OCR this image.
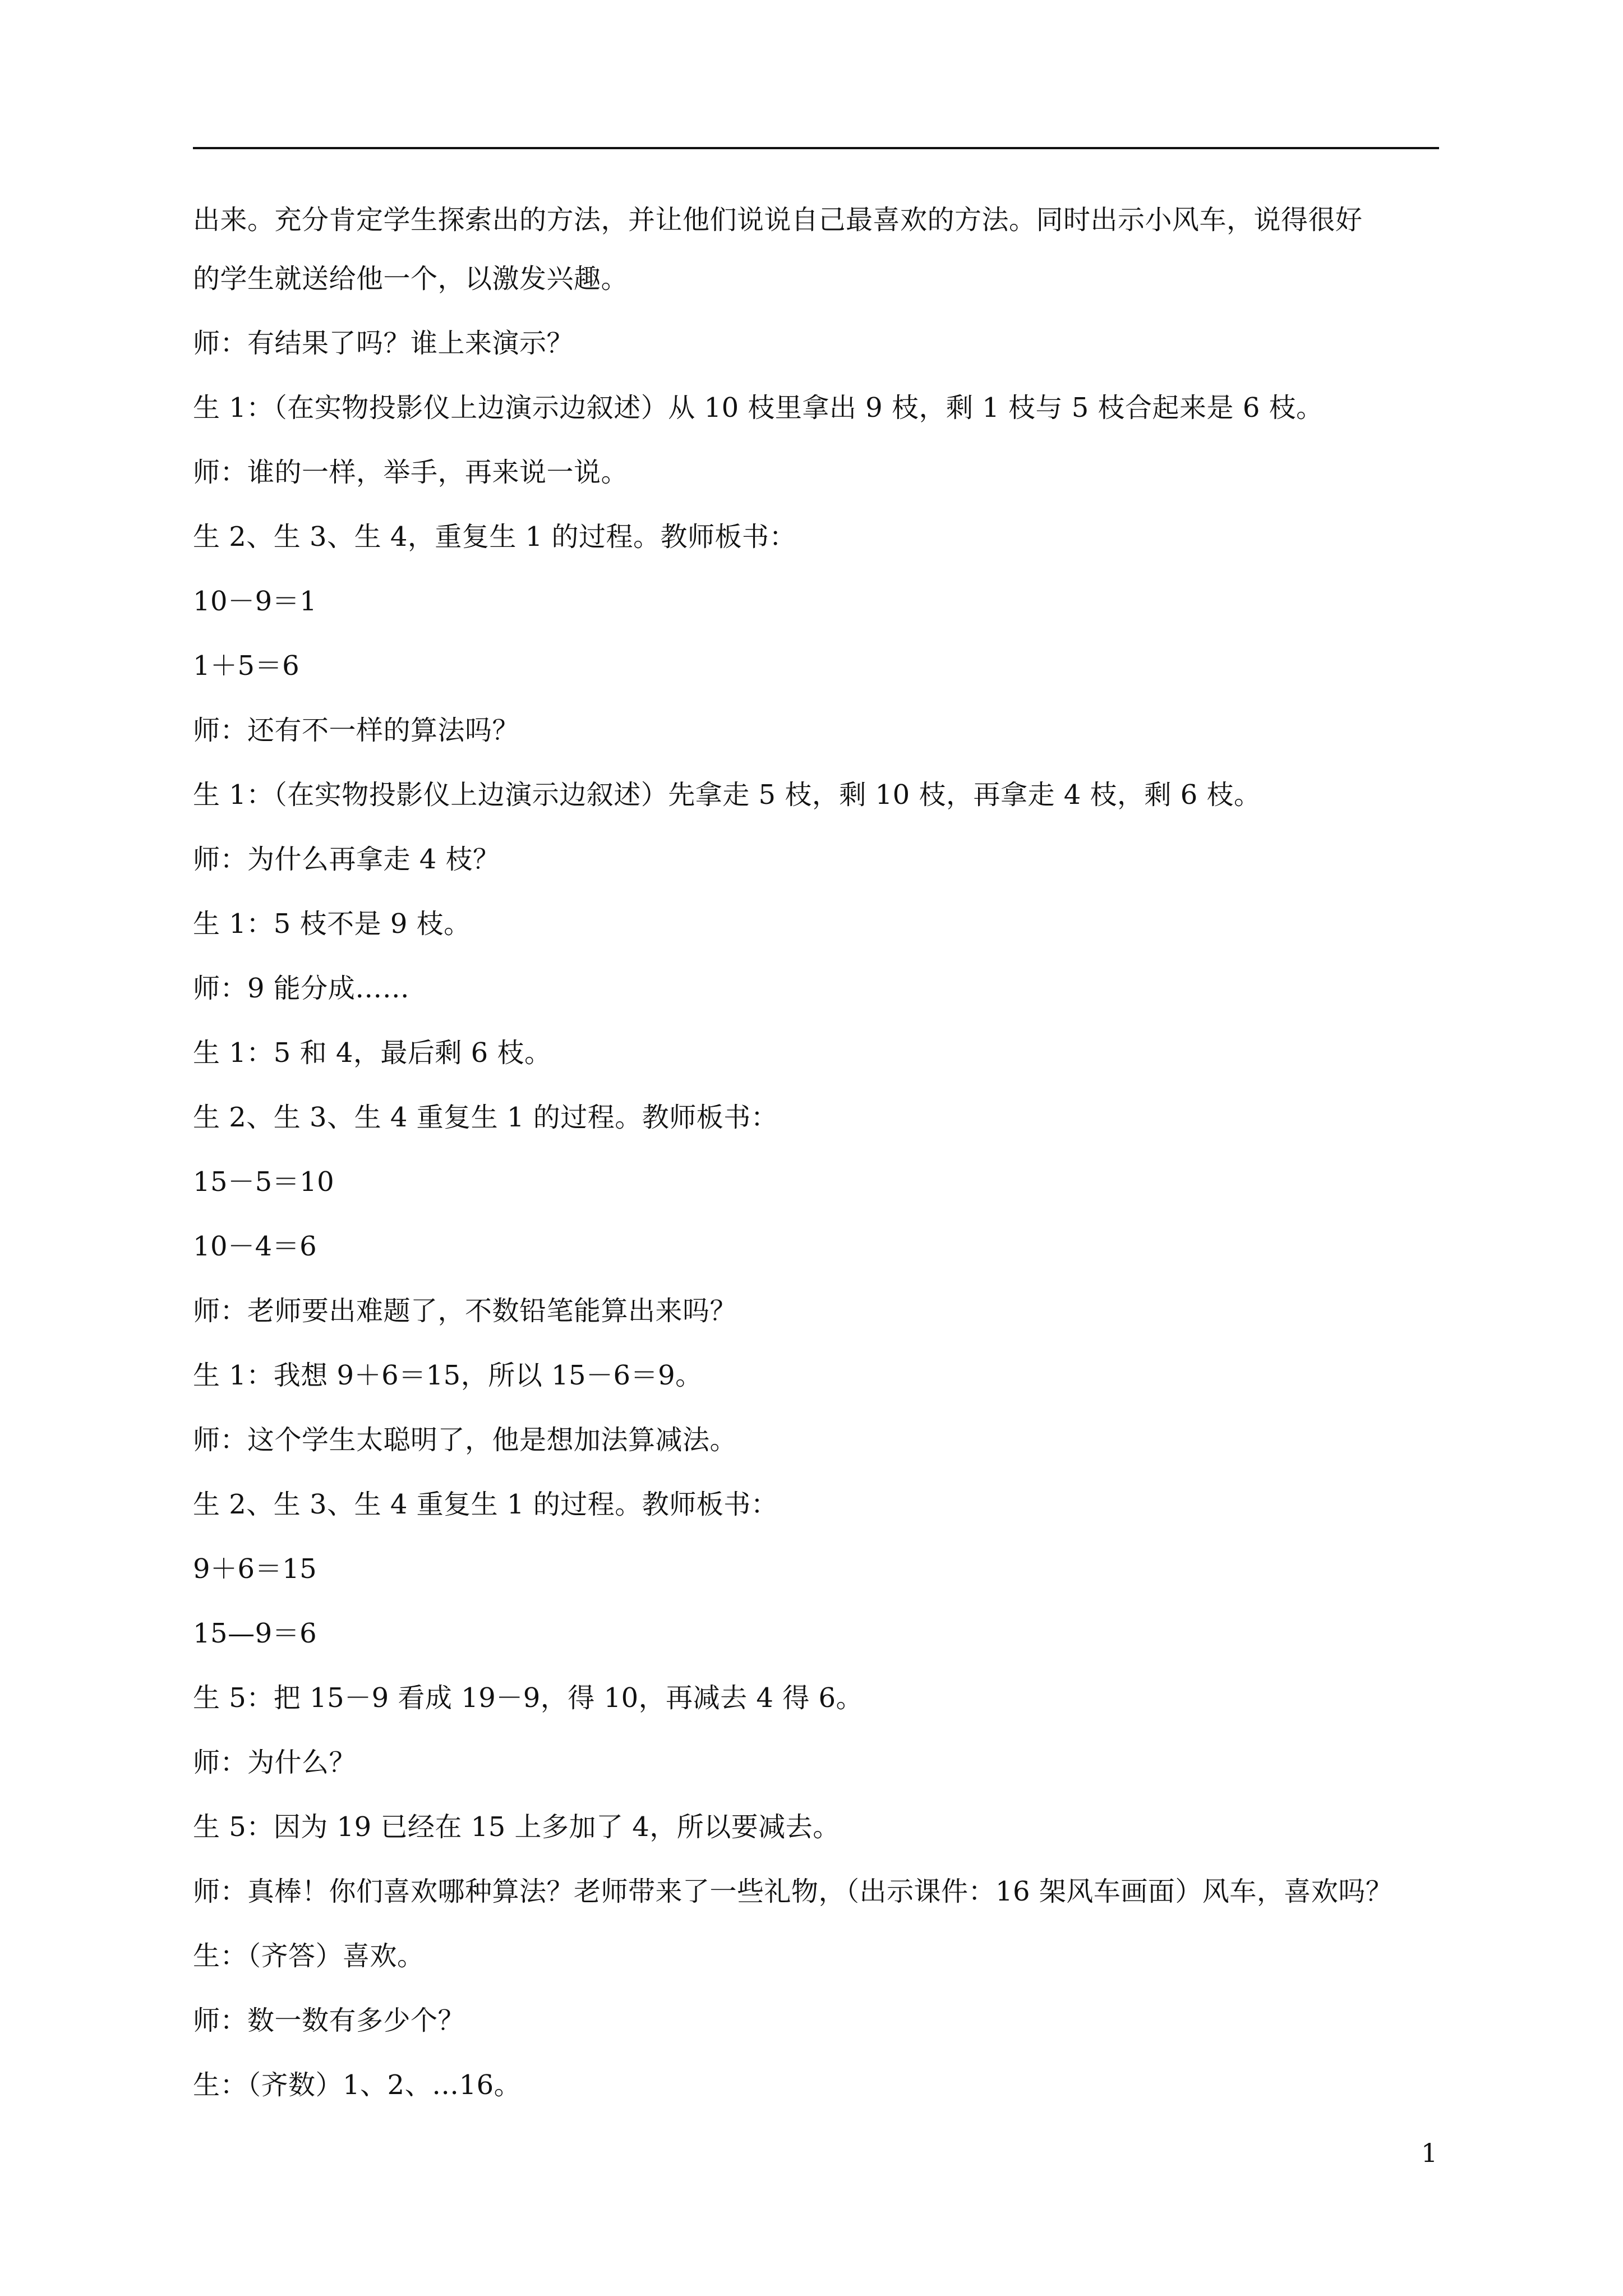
出来。充分肯定学生探索出的方法，并让他们说说自己最喜欢的方法。同时出示小风车，说得很好
的学生就送给他一个，以激发兴趣。
师：有结果了吗？谁上来演示？
生 1：（在实物投影仪上边演示边叙述）从 10 枝里拿出 9 枝，剩 1 枝与 5 枝合起来是 6 枝。
师：谁的一样，举手，再来说一说。
生 2、生 3、生 4，重复生 1 的过程。教师板书：
10－9＝1
1＋5＝6
师：还有不一样的算法吗？
生 1：（在实物投影仪上边演示边叙述）先拿走 5 枝，剩 10 枝，再拿走 4 枝，剩 6 枝。
师：为什么再拿走 4 枝？
生 1：5 枝不是 9 枝。
师：9 能分成……
生 1：5 和 4，最后剩 6 枝。
生 2、生 3、生 4 重复生 1 的过程。教师板书：
15－5＝10
10－4＝6
师：老师要出难题了，不数铅笔能算出来吗？
生 1：我想 9＋6＝15，所以 15－6＝9。
师：这个学生太聪明了，他是想加法算减法。
生 2、生 3、生 4 重复生 1 的过程。教师板书：
9＋6＝15
15—9＝6
生 5：把 15－9 看成 19－9，得 10，再减去 4 得 6。
师：为什么？
生 5：因为 19 已经在 15 上多加了 4，所以要减去。
师：真棒！你们喜欢哪种算法？老师带来了一些礼物，（出示课件：16 架风车画面）风车，喜欢吗？
生：（齐答）喜欢。
师：数一数有多少个？
生：（齐数）1、2、…16。
1
